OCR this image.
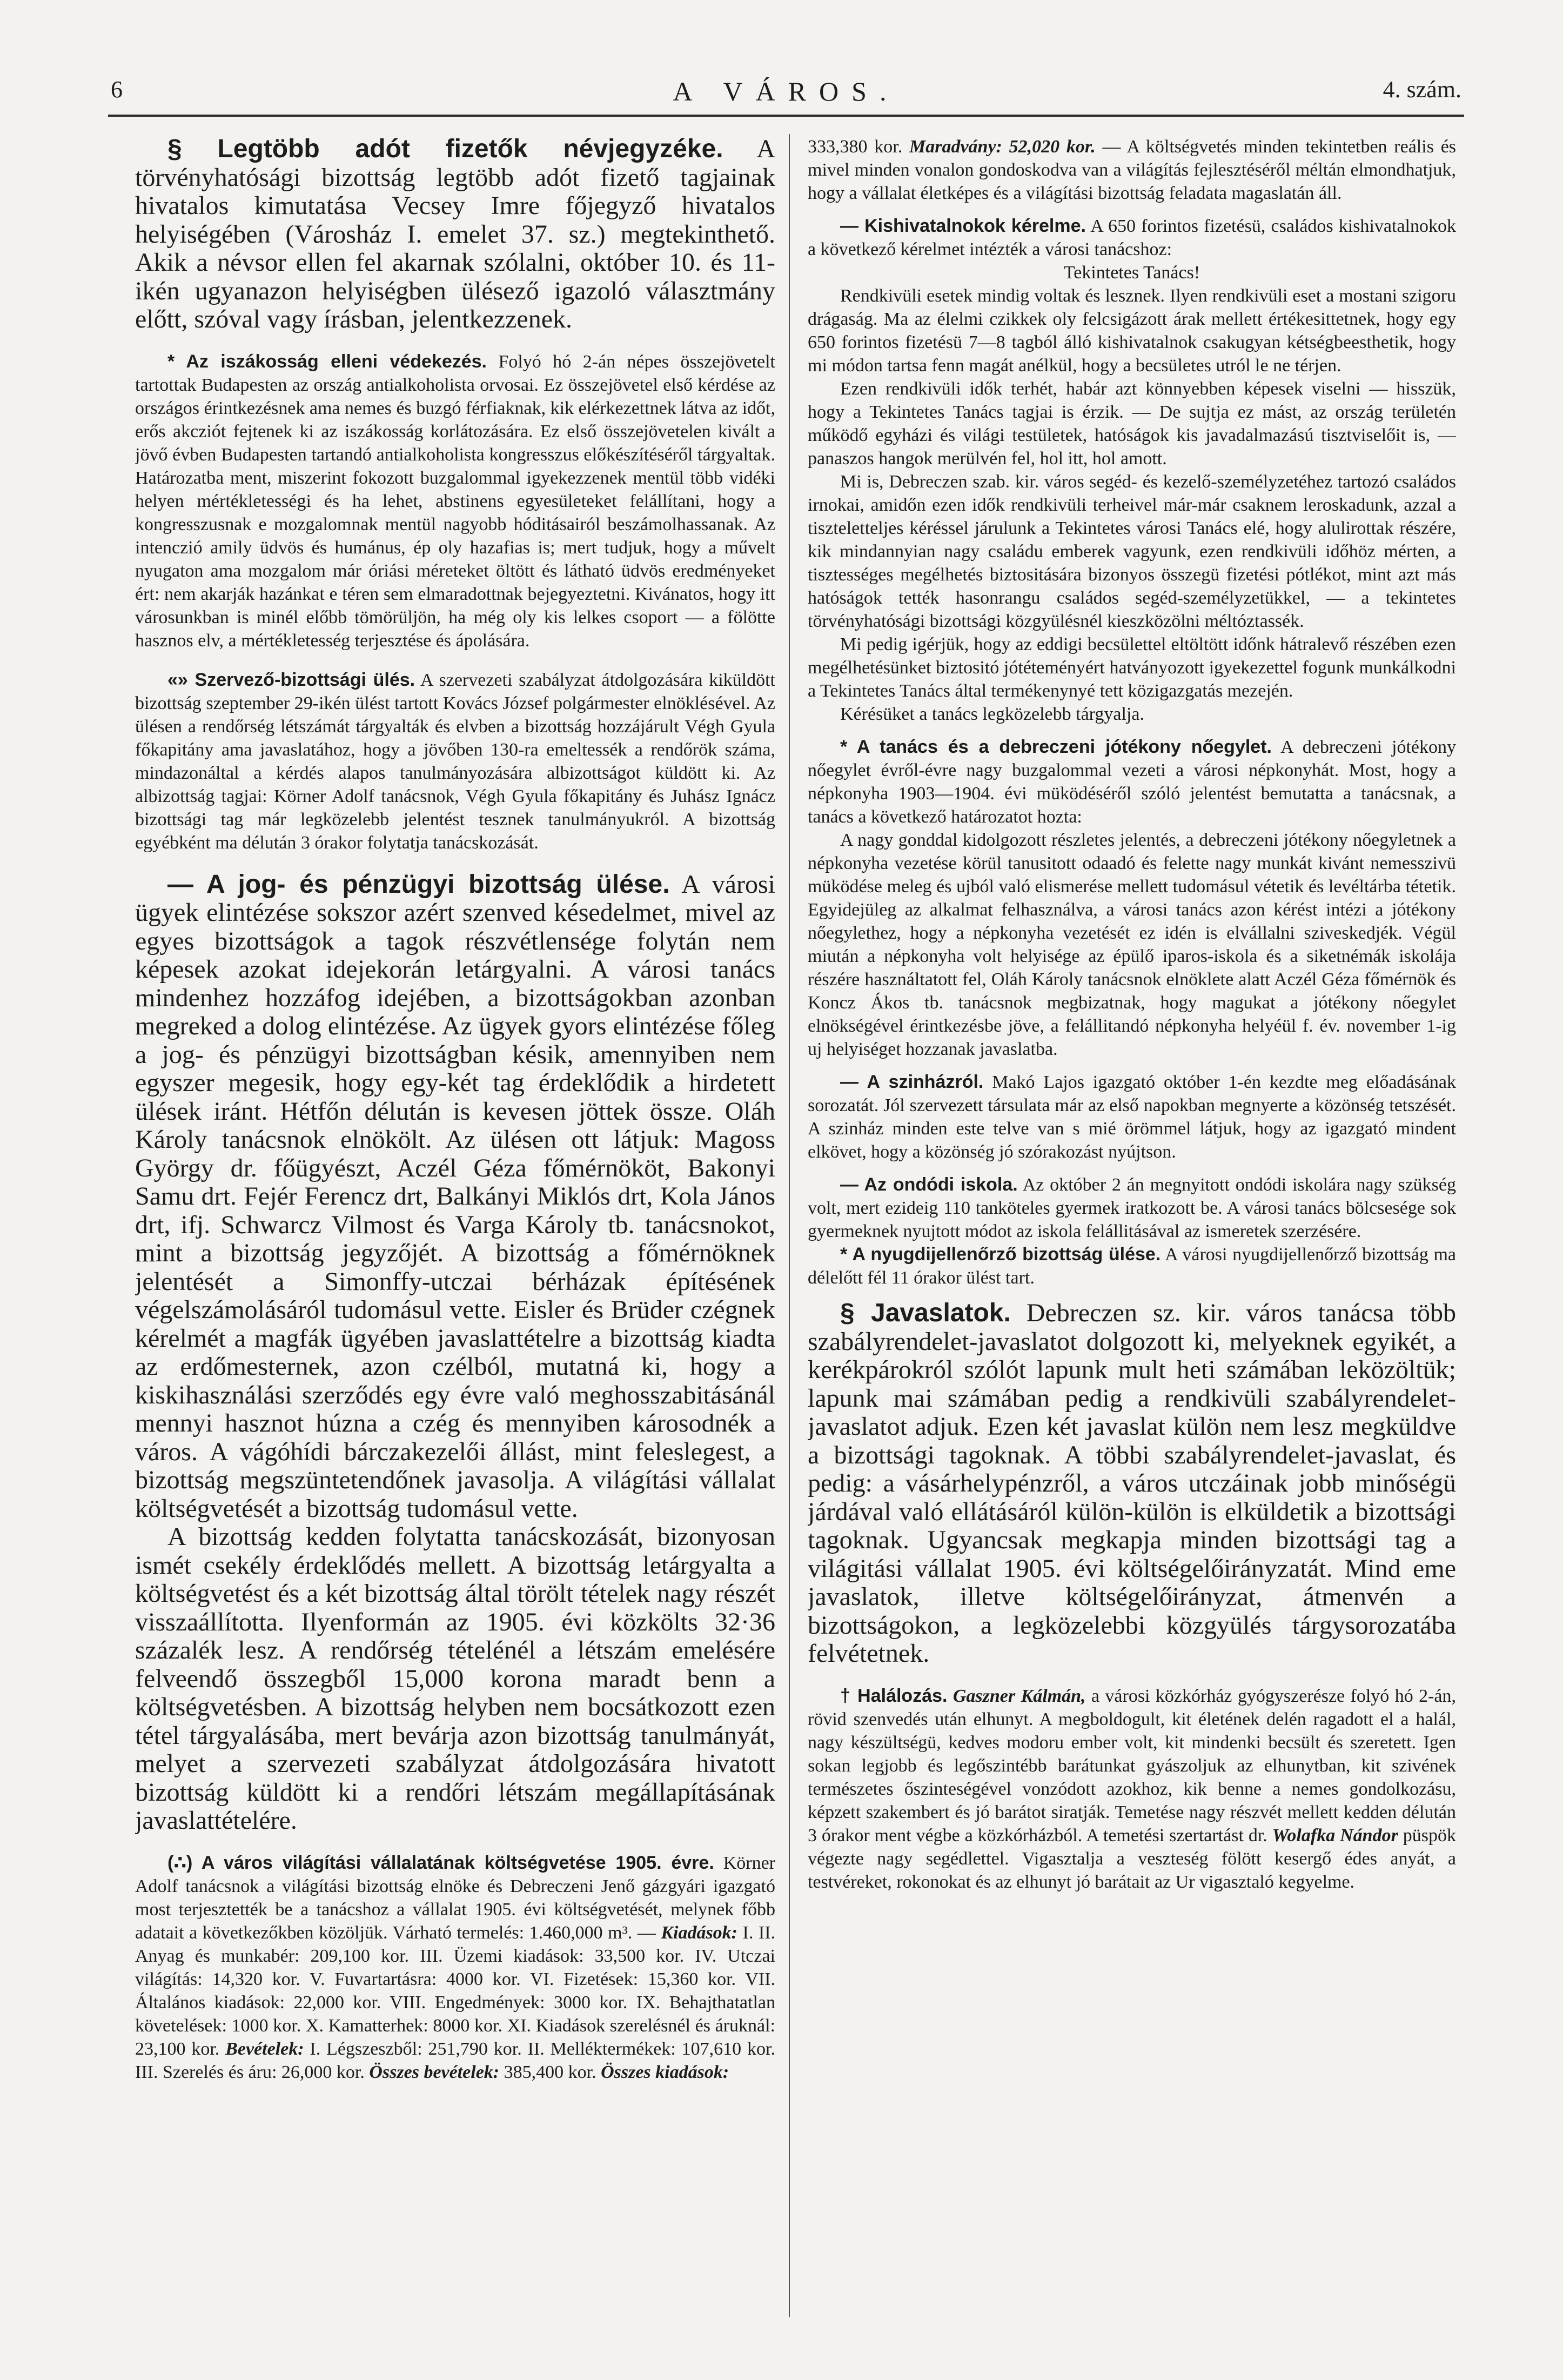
6	A VÁROS.	4. szám.

§ Legtöbb adót fizetők névjegyzéke. A törvényhatósági bizottság legtöbb adót fizető tagjainak hivatalos kimutatása Vecsey Imre főjegyző hivatalos helyiségében (Városház I. emelet 37. sz.) megtekinthető. Akik a névsor ellen fel akarnak szólalni, október 10. és 11-ikén ugyanazon helyiségben ülésező igazoló választmány előtt, szóval vagy írásban, jelentkezzenek.

* Az iszákosság elleni védekezés. Folyó hó 2-án népes összejövetelt tartottak Budapesten az ország antialkoholista orvosai. Ez összejövetel első kérdése az országos érintkezésnek ama nemes és buzgó férfiaknak, kik elérkezettnek látva az időt, erős akcziót fejtenek ki az iszákosság korlátozására. Ez első összejövetelen kivált a jövő évben Budapesten tartandó antialkoholista kongresszus előkészítéséről tárgyaltak. Határozatba ment, miszerint fokozott buzgalommal igyekezzenek mentül több vidéki helyen mértékletességi és ha lehet, abstinens egyesületeket felállítani, hogy a kongresszusnak e mozgalomnak mentül nagyobb hóditásairól beszámolhassanak. Az intenczió amily üdvös és humánus, ép oly hazafias is; mert tudjuk, hogy a művelt nyugaton ama mozgalom már óriási méreteket öltött és látható üdvös eredményeket ért: nem akarják hazánkat e téren sem elmaradottnak bejegyeztetni. Kivánatos, hogy itt városunkban is minél előbb tömörüljön, ha még oly kis lelkes csoport — a fölötte hasznos elv, a mértékletesség terjesztése és ápolására.

«» Szervező-bizottsági ülés. A szervezeti szabályzat átdolgozására kiküldött bizottság szeptember 29-ikén ülést tartott Kovács József polgármester elnöklésével. Az ülésen a rendőrség létszámát tárgyalták és elvben a bizottság hozzájárult Végh Gyula főkapitány ama javaslatához, hogy a jövőben 130-ra emeltessék a rendőrök száma, mindazonáltal a kérdés alapos tanulmányozására albizottságot küldött ki. Az albizottság tagjai: Körner Adolf tanácsnok, Végh Gyula főkapitány és Juhász Ignácz bizottsági tag már legközelebb jelentést tesznek tanulmányukról. A bizottság egyébként ma délután 3 órakor folytatja tanácskozását.

— A jog- és pénzügyi bizottság ülése. A városi ügyek elintézése sokszor azért szenved késedelmet, mivel az egyes bizottságok a tagok részvétlensége folytán nem képesek azokat idejekorán letárgyalni. A városi tanács mindenhez hozzáfog idejében, a bizottságokban azonban megreked a dolog elintézése. Az ügyek gyors elintézése főleg a jog- és pénzügyi bizottságban késik, amennyiben nem egyszer megesik, hogy egy-két tag érdeklődik a hirdetett ülések iránt. Hétfőn délután is kevesen jöttek össze. Oláh Károly tanácsnok elnökölt. Az ülésen ott látjuk: Magoss György dr. főügyészt, Aczél Géza főmérnököt, Bakonyi Samu drt. Fejér Ferencz drt, Balkányi Miklós drt, Kola János drt, ifj. Schwarcz Vilmost és Varga Károly tb. tanácsnokot, mint a bizottság jegyzőjét. A bizottság a főmérnöknek jelentését a Simonffy-utczai bérházak építésének végelszámolásáról tudomásul vette. Eisler és Brüder czégnek kérelmét a magfák ügyében javaslattételre a bizottság kiadta az erdőmesternek, azon czélból, mutatná ki, hogy a kiskihasználási szerződés egy évre való meghosszabitásánál mennyi hasznot húzna a czég és mennyiben károsodnék a város. A vágóhídi bárczakezelői állást, mint feleslegest, a bizottság megszüntetendőnek javasolja. A világítási vállalat költségvetését a bizottság tudomásul vette.

A bizottság kedden folytatta tanácskozását, bizonyosan ismét csekély érdeklődés mellett. A bizottság letárgyalta a költségvetést és a két bizottság által törölt tételek nagy részét visszaállította. Ilyenformán az 1905. évi közkölts 32·36 százalék lesz. A rendőrség tételénél a létszám emelésére felveendő összegből 15,000 korona maradt benn a költségvetésben. A bizottság helyben nem bocsátkozott ezen tétel tárgyalásába, mert bevárja azon bizottság tanulmányát, melyet a szervezeti szabályzat átdolgozására hivatott bizottság küldött ki a rendőri létszám megállapításának javaslattételére.

(∴) A város világítási vállalatának költségvetése 1905. évre. Körner Adolf tanácsnok a világítási bizottság elnöke és Debreczeni Jenő gázgyári igazgató most terjesztették be a tanácshoz a vállalat 1905. évi költségvetését, melynek főbb adatait a következőkben közöljük. Várható termelés: 1.460,000 m³. — Kiadások: I. II. Anyag és munkabér: 209,100 kor. III. Üzemi kiadások: 33,500 kor. IV. Utczai világítás: 14,320 kor. V. Fuvartartásra: 4000 kor. VI. Fizetések: 15,360 kor. VII. Általános kiadások: 22,000 kor. VIII. Engedmények: 3000 kor. IX. Behajthatatlan követelések: 1000 kor. X. Kamatterhek: 8000 kor. XI. Kiadások szerelésnél és áruknál: 23,100 kor. Bevételek: I. Légszeszből: 251,790 kor. II. Melléktermékek: 107,610 kor. III. Szerelés és áru: 26,000 kor. Összes bevételek: 385,400 kor. Összes kiadások:

333,380 kor. Maradvány: 52,020 kor. — A költségvetés minden tekintetben reális és mivel minden vonalon gondoskodva van a világítás fejlesztéséről méltán elmondhatjuk, hogy a vállalat életképes és a világítási bizottság feladata magaslatán áll.

— Kishivatalnokok kérelme. A 650 forintos fizetésü, családos kishivatalnokok a következő kérelmet intézték a városi tanácshoz:

Tekintetes Tanács!

Rendkivüli esetek mindig voltak és lesznek. Ilyen rendkivüli eset a mostani szigoru drágaság. Ma az élelmi czikkek oly felcsigázott árak mellett értékesittetnek, hogy egy 650 forintos fizetésü 7—8 tagból álló kishivatalnok csakugyan kétségbeesthetik, hogy mi módon tartsa fenn magát anélkül, hogy a becsületes utról le ne térjen.

Ezen rendkivüli idők terhét, habár azt könnyebben képesek viselni — hisszük, hogy a Tekintetes Tanács tagjai is érzik. — De sujtja ez mást, az ország területén működő egyházi és világi testületek, hatóságok kis javadalmazású tisztviselőit is, — panaszos hangok merülvén fel, hol itt, hol amott.

Mi is, Debreczen szab. kir. város segéd- és kezelő-személyzetéhez tartozó családos irnokai, amidőn ezen idők rendkivüli terheivel már-már csaknem leroskadunk, azzal a tiszteletteljes kéréssel járulunk a Tekintetes városi Tanács elé, hogy alulirottak részére, kik mindannyian nagy családu emberek vagyunk, ezen rendkivüli időhöz mérten, a tisztességes megélhetés biztositására bizonyos összegü fizetési pótlékot, mint azt más hatóságok tették hasonrangu családos segéd-személyzetükkel, — a tekintetes törvényhatósági bizottsági közgyülésnél kieszközölni méltóztassék.

Mi pedig igérjük, hogy az eddigi becsülettel eltöltött időnk hátralevő részében ezen megélhetésünket biztositó jótéteményért hatványozott igyekezettel fogunk munkálkodni a Tekintetes Tanács által termékenynyé tett közigazgatás mezején.

Kérésüket a tanács legközelebb tárgyalja.

* A tanács és a debreczeni jótékony nőegylet. A debreczeni jótékony nőegylet évről-évre nagy buzgalommal vezeti a városi népkonyhát. Most, hogy a népkonyha 1903—1904. évi müködéséről szóló jelentést bemutatta a tanácsnak, a tanács a következő határozatot hozta:

A nagy gonddal kidolgozott részletes jelentés, a debreczeni jótékony nőegyletnek a népkonyha vezetése körül tanusitott odaadó és felette nagy munkát kivánt nemesszivü müködése meleg és ujból való elismerése mellett tudomásul vétetik és levéltárba tétetik. Egyidejüleg az alkalmat felhasználva, a városi tanács azon kérést intézi a jótékony nőegylethez, hogy a népkonyha vezetését ez idén is elvállalni sziveskedjék. Végül miután a népkonyha volt helyisége az épülő iparos-iskola és a siketnémák iskolája részére használtatott fel, Oláh Károly tanácsnok elnöklete alatt Aczél Géza főmérnök és Koncz Ákos tb. tanácsnok megbizatnak, hogy magukat a jótékony nőegylet elnökségével érintkezésbe jöve, a felállitandó népkonyha helyéül f. év. november 1-ig uj helyiséget hozzanak javaslatba.

— A szinházról. Makó Lajos igazgató október 1-én kezdte meg előadásának sorozatát. Jól szervezett társulata már az első napokban megnyerte a közönség tetszését. A szinház minden este telve van s mié örömmel látjuk, hogy az igazgató mindent elkövet, hogy a közönség jó szórakozást nyújtson.

— Az ondódi iskola. Az október 2 án megnyitott ondódi iskolára nagy szükség volt, mert ezideig 110 tanköteles gyermek iratkozott be. A városi tanács bölcsesége sok gyermeknek nyujtott módot az iskola felállitásával az ismeretek szerzésére.

* A nyugdijellenőrző bizottság ülése. A városi nyugdijellenőrző bizottság ma délelőtt fél 11 órakor ülést tart.

§ Javaslatok. Debreczen sz. kir. város tanácsa több szabályrendelet-javaslatot dolgozott ki, melyeknek egyikét, a kerékpárokról szólót lapunk mult heti számában leközöltük; lapunk mai számában pedig a rendkivüli szabályrendelet-javaslatot adjuk. Ezen két javaslat külön nem lesz megküldve a bizottsági tagoknak. A többi szabályrendelet-javaslat, és pedig: a vásárhelypénzről, a város utczáinak jobb minőségü járdával való ellátásáról külön-külön is elküldetik a bizottsági tagoknak. Ugyancsak megkapja minden bizottsági tag a világitási vállalat 1905. évi költségelőirányzatát. Mind eme javaslatok, illetve költségelőirányzat, átmenvén a bizottságokon, a legközelebbi közgyülés tárgysorozatába felvétetnek.

† Halálozás. Gaszner Kálmán, a városi közkórház gyógyszerésze folyó hó 2-án, rövid szenvedés után elhunyt. A megboldogult, kit életének delén ragadott el a halál, nagy készültségü, kedves modoru ember volt, kit mindenki becsült és szeretett. Igen sokan legjobb és legőszintébb barátunkat gyászoljuk az elhunytban, kit szivének természetes őszinteségével vonzódott azokhoz, kik benne a nemes gondolkozásu, képzett szakembert és jó barátot siratják. Temetése nagy részvét mellett kedden délután 3 órakor ment végbe a közkórházból. A temetési szertartást dr. Wolafka Nándor püspök végezte nagy segédlettel. Vigasztalja a veszteség fölött kesergő édes anyát, a testvéreket, rokonokat és az elhunyt jó barátait az Ur vigasztaló kegyelme.
